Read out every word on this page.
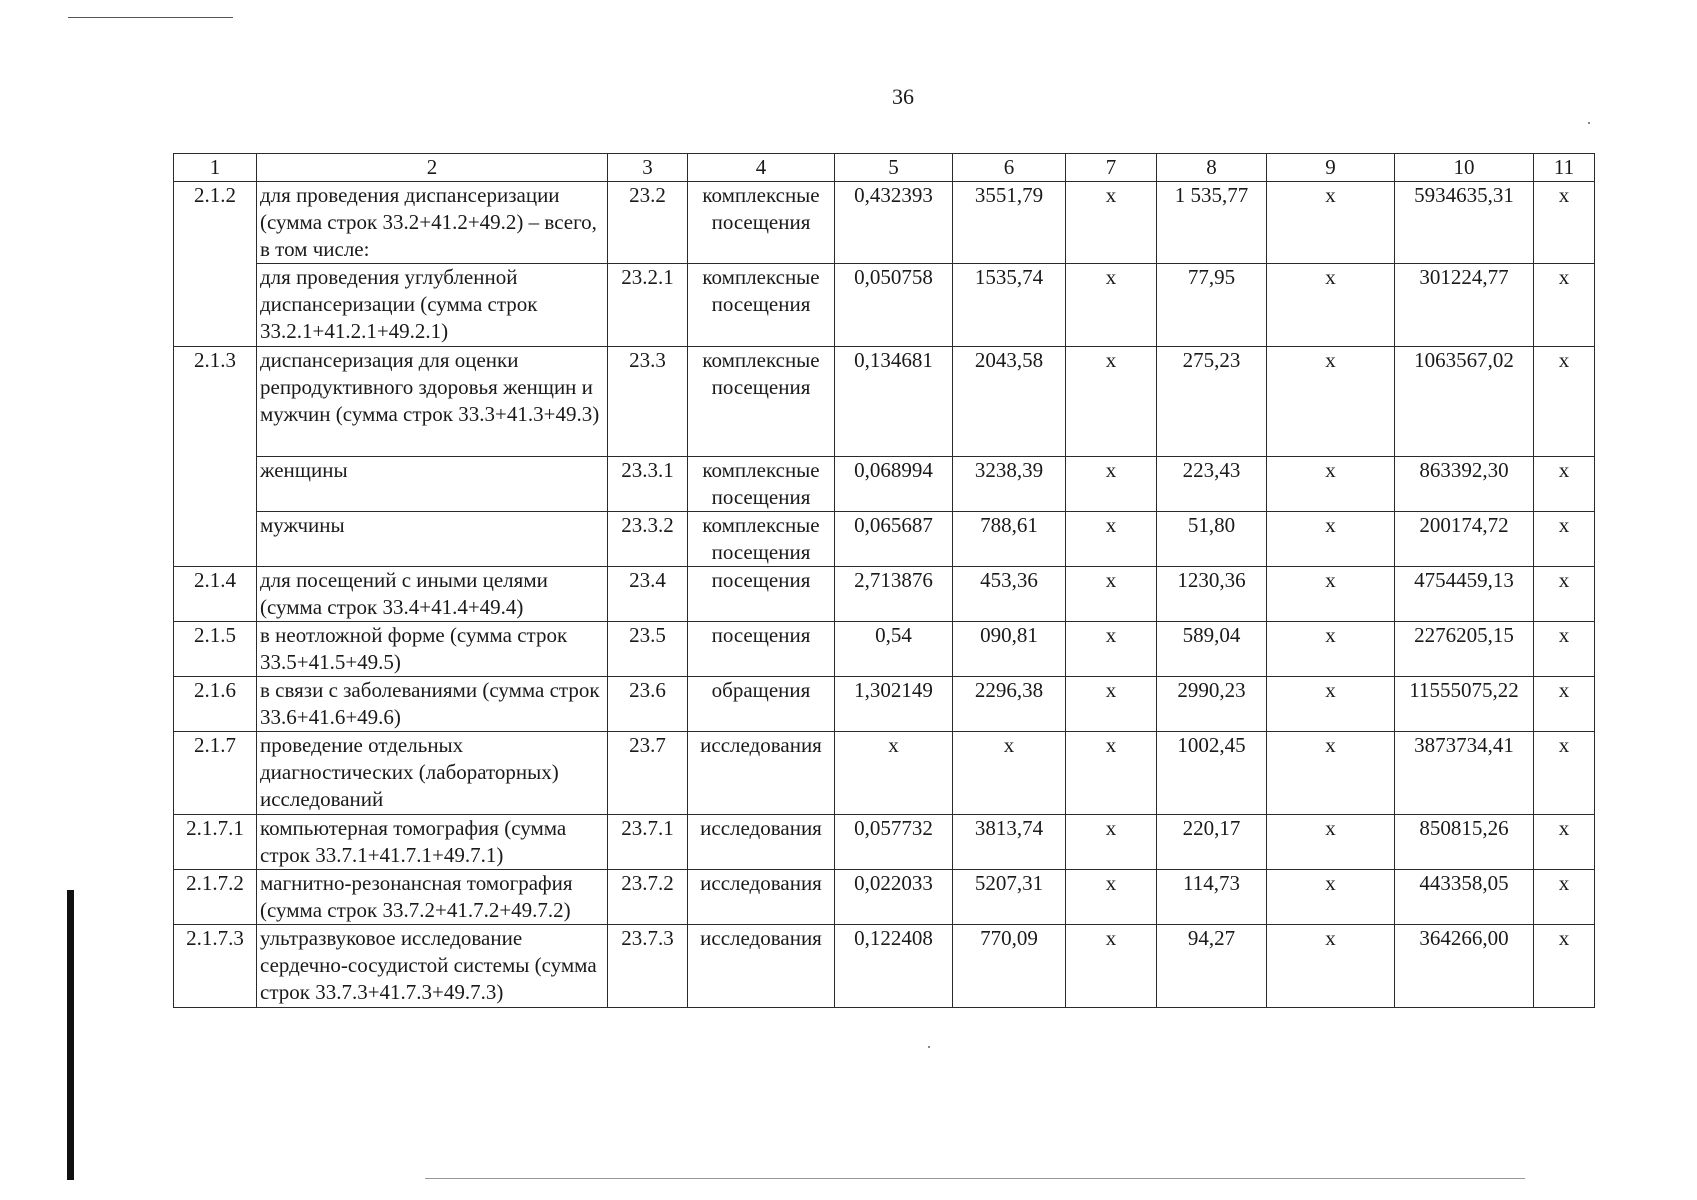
36
1	2	3	4	5	6	7	8	9	10	11
2.1.2	для проведения диспансеризации (сумма строк 33.2+41.2+49.2) – всего, в том числе:	23.2	комплексные посещения	0,432393	3551,79	х	1 535,77	х	5934635,31	х
	для проведения углубленной диспансеризации (сумма строк 33.2.1+41.2.1+49.2.1)	23.2.1	комплексные посещения	0,050758	1535,74	х	77,95	х	301224,77	х
2.1.3	диспансеризация для оценки репродуктивного здоровья женщин и мужчин (сумма строк 33.3+41.3+49.3)	23.3	комплексные посещения	0,134681	2043,58	х	275,23	х	1063567,02	х
	женщины	23.3.1	комплексные посещения	0,068994	3238,39	х	223,43	х	863392,30	х
	мужчины	23.3.2	комплексные посещения	0,065687	788,61	х	51,80	х	200174,72	х
2.1.4	для посещений с иными целями (сумма строк 33.4+41.4+49.4)	23.4	посещения	2,713876	453,36	х	1230,36	х	4754459,13	х
2.1.5	в неотложной форме (сумма строк 33.5+41.5+49.5)	23.5	посещения	0,54	090,81	х	589,04	х	2276205,15	х
2.1.6	в связи с заболеваниями (сумма строк 33.6+41.6+49.6)	23.6	обращения	1,302149	2296,38	х	2990,23	х	11555075,22	х
2.1.7	проведение отдельных диагностических (лабораторных) исследований	23.7	исследования	х	х	х	1002,45	х	3873734,41	х
2.1.7.1	компьютерная томография (сумма строк 33.7.1+41.7.1+49.7.1)	23.7.1	исследования	0,057732	3813,74	х	220,17	х	850815,26	х
2.1.7.2	магнитно-резонансная томография (сумма строк 33.7.2+41.7.2+49.7.2)	23.7.2	исследования	0,022033	5207,31	х	114,73	х	443358,05	х
2.1.7.3	ультразвуковое исследование сердечно-сосудистой системы (сумма строк 33.7.3+41.7.3+49.7.3)	23.7.3	исследования	0,122408	770,09	х	94,27	х	364266,00	х
